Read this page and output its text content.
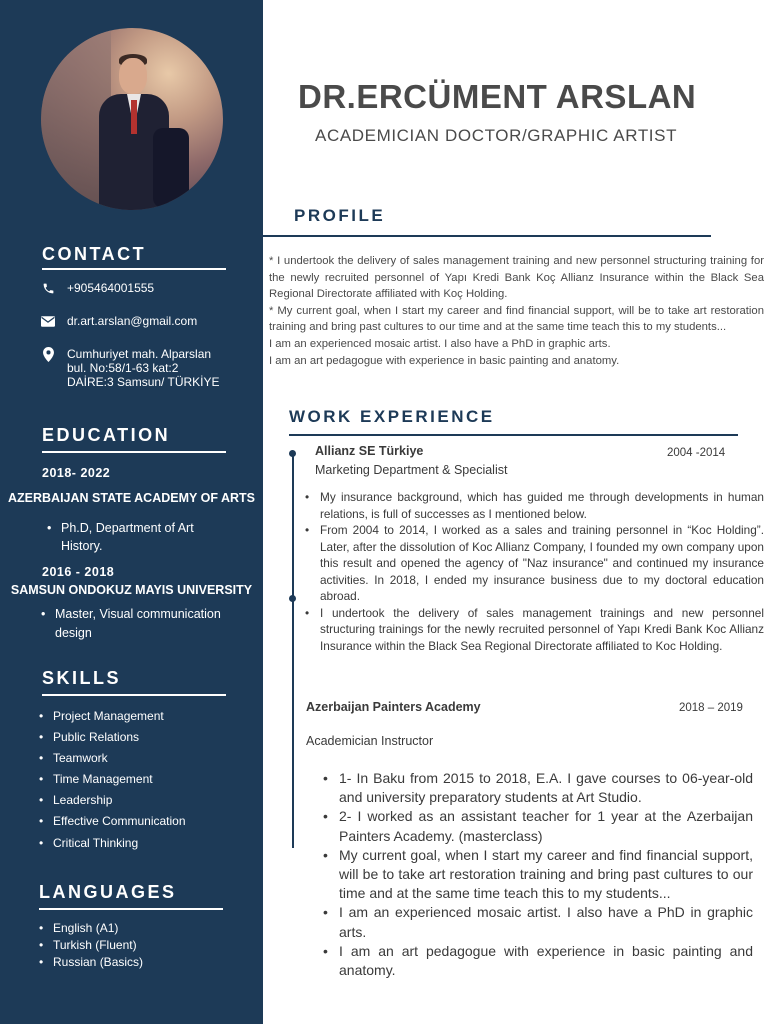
CONTACT
+905464001555
dr.art.arslan@gmail.com
Cumhuriyet mah. Alparslan
bul. No:58/1-63 kat:2
DAİRE:3 Samsun/ TÜRKİYE
EDUCATION
2018- 2022
AZERBAIJAN STATE ACADEMY OF ARTS
• Ph.D, Department of Art History.
2016 - 2018
SAMSUN ONDOKUZ MAYIS UNIVERSITY
• Master, Visual communication design
SKILLS
• Project Management
• Public Relations
• Teamwork
• Time Management
• Leadership
• Effective Communication
• Critical Thinking
LANGUAGES
• English (A1)
• Turkish (Fluent)
• Russian (Basics)
DR.ERCÜMENT ARSLAN
ACADEMICIAN DOCTOR/GRAPHIC ARTIST
PROFILE

* I undertook the delivery of sales management training and new personnel structuring training for the newly recruited personnel of Yapı Kredi Bank Koç Allianz Insurance within the Black Sea Regional Directorate affiliated with Koç Holding.

* My current goal, when I start my career and find financial support, will be to take art restoration training and bring past cultures to our time and at the same time teach this to my students...

I am an experienced mosaic artist. I also have a PhD in graphic arts.

I am an art pedagogue with experience in basic painting and anatomy.

WORK EXPERIENCE
Allianz SE Türkiye	2004 -2014
Marketing Department & Specialist
• My insurance background, which has guided me through developments in human relations, is full of successes as I mentioned below.
• From 2004 to 2014, I worked as a sales and training personnel in “Koc Holding”. Later, after the dissolution of Koc Allianz Company, I founded my own company upon this result and opened the agency of "Naz insurance" and continued my insurance activities. In 2018, I ended my insurance business due to my doctoral education abroad.
• I undertook the delivery of sales management trainings and new personnel structuring trainings for the newly recruited personnel of Yapı Kredi Bank Koc Allianz Insurance within the Black Sea Regional Directorate affiliated to Koc Holding.
Azerbaijan Painters Academy	2018 – 2019
Academician Instructor
• 1- In Baku from 2015 to 2018, E.A. I gave courses to 06-year-old and university preparatory students at Art Studio.
• 2- I worked as an assistant teacher for 1 year at the Azerbaijan Painters Academy. (masterclass)
• My current goal, when I start my career and find financial support, will be to take art restoration training and bring past cultures to our time and at the same time teach this to my students...
• I am an experienced mosaic artist. I also have a PhD in graphic arts.
• I am an art pedagogue with experience in basic painting and anatomy.
